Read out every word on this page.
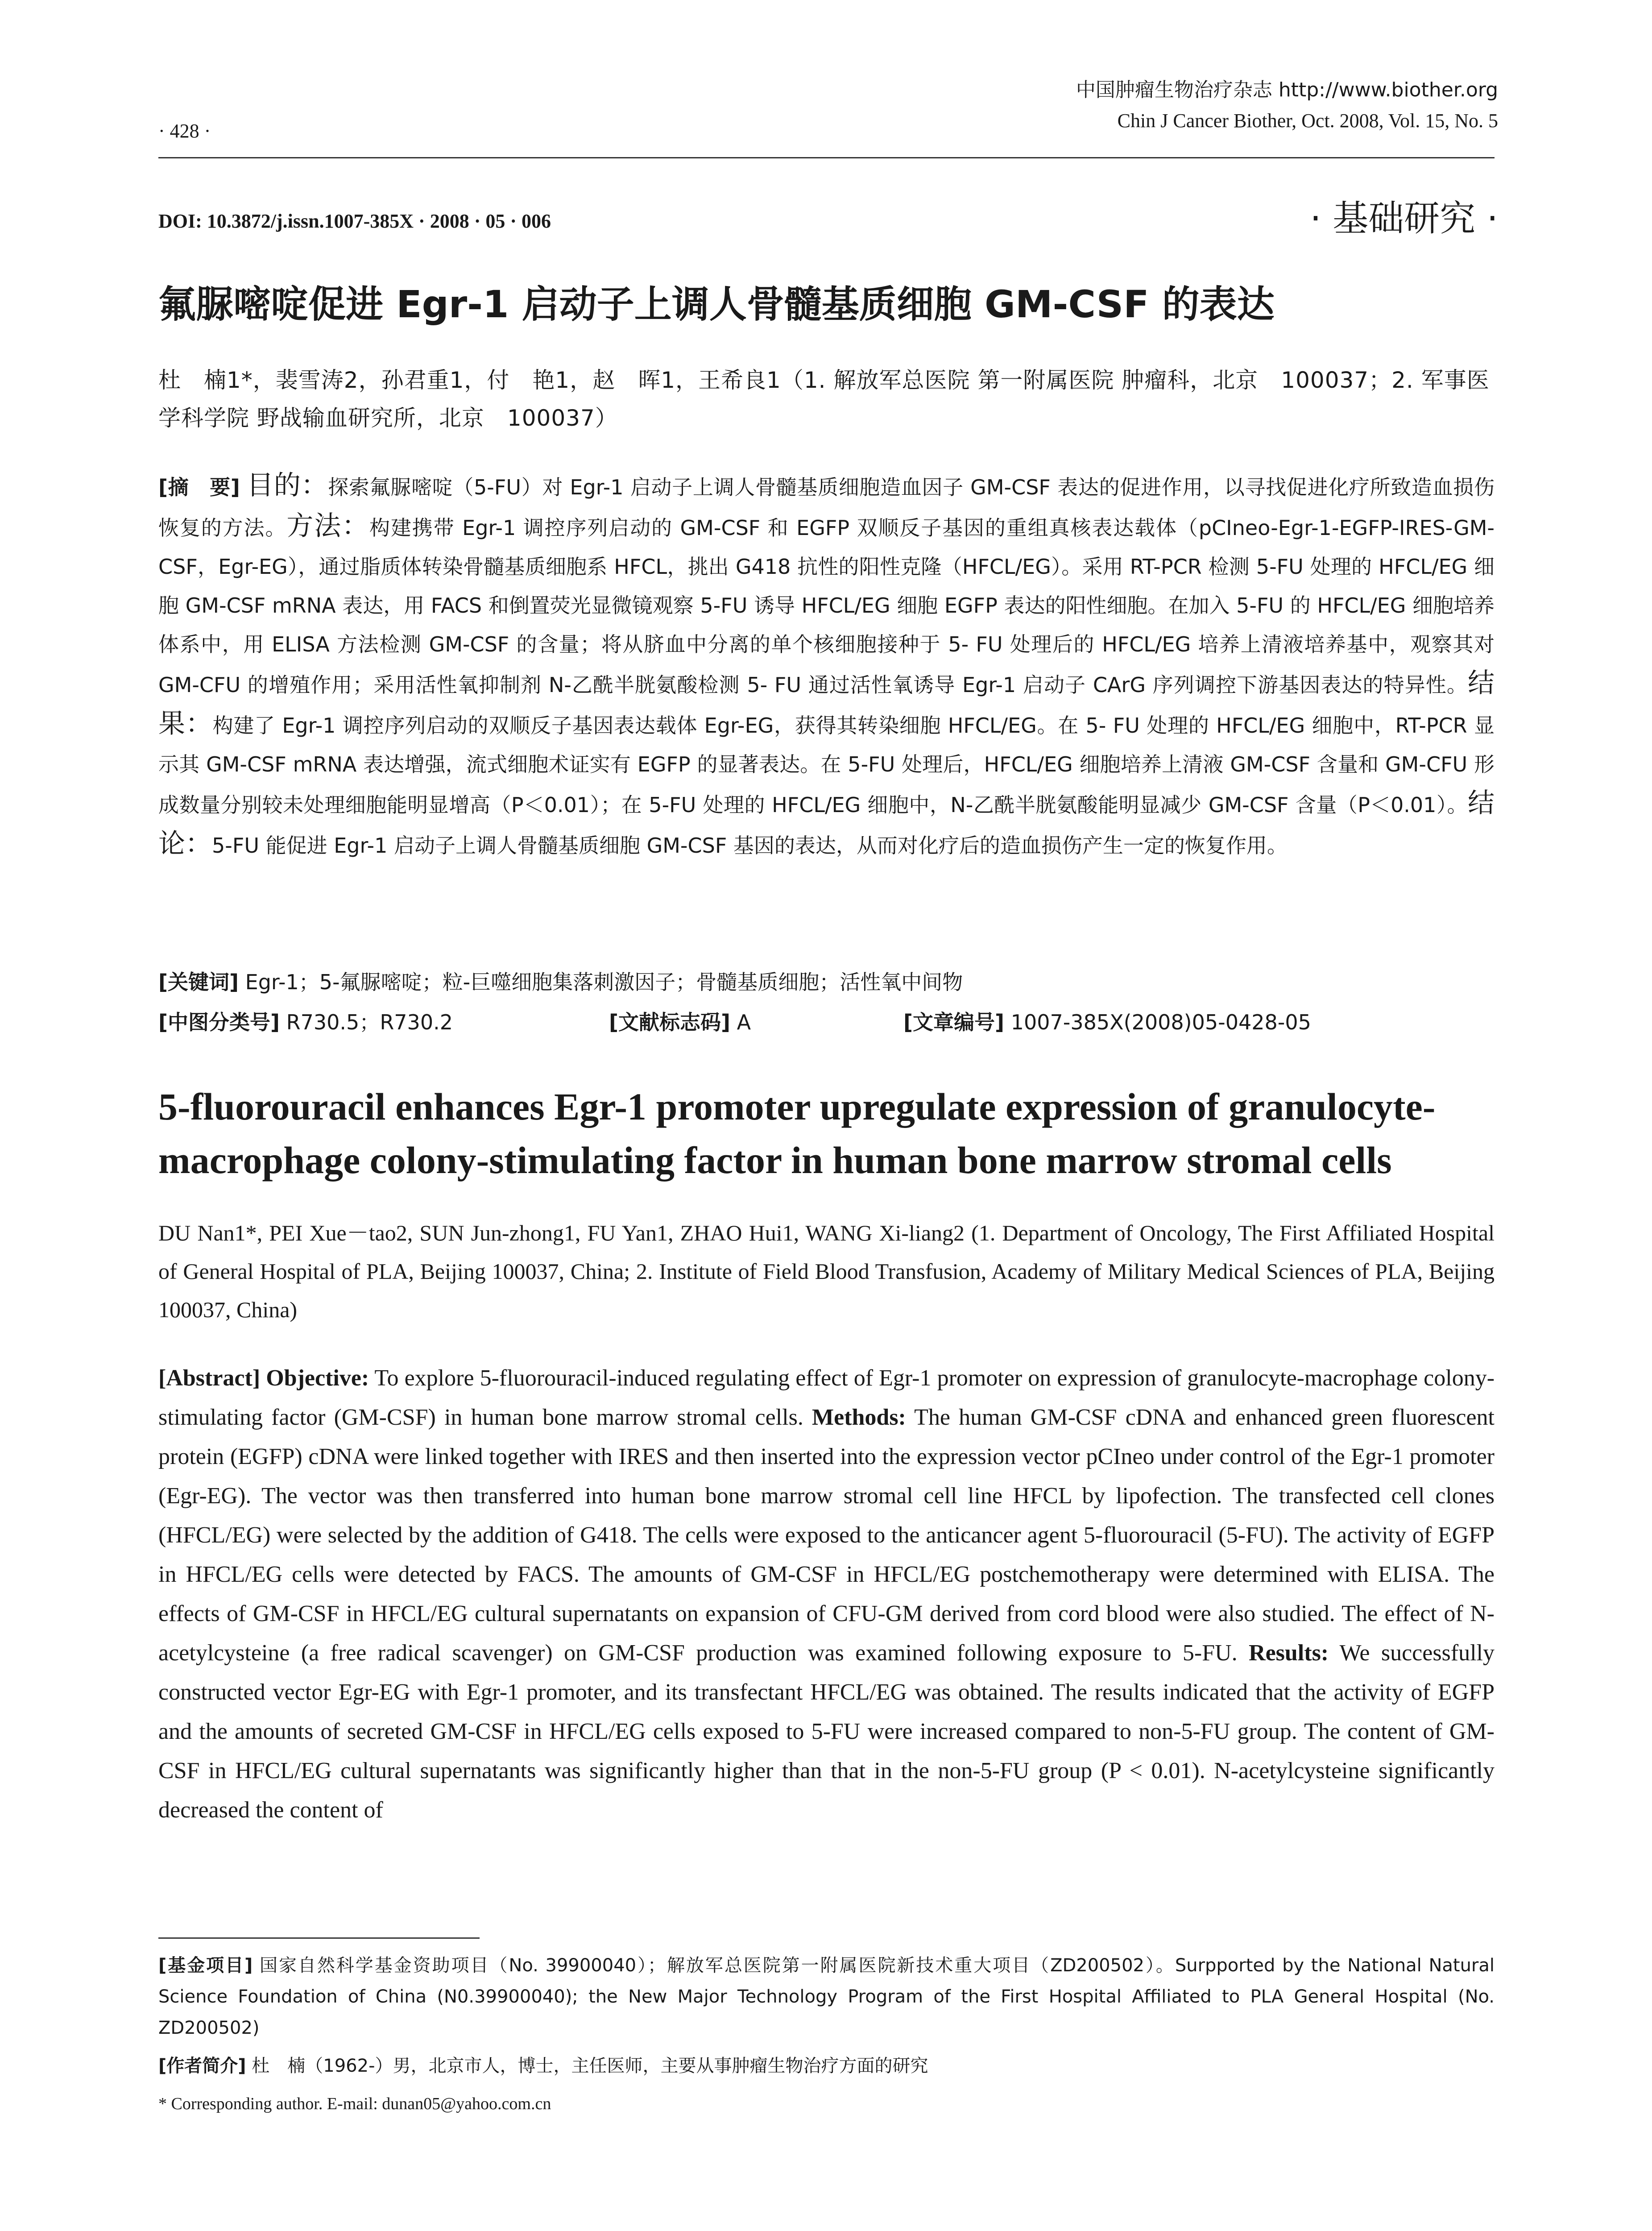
· 428 ·
中国肿瘤生物治疗杂志 http://www.biother.org
Chin J Cancer Biother, Oct. 2008, Vol. 15, No. 5
DOI: 10.3872/j.issn.1007-385X · 2008 · 05 · 006	· 基础研究 ·
氟脲嘧啶促进 Egr-1 启动子上调人骨髓基质细胞 GM-CSF 的表达
杜　楠1*，裴雪涛2，孙君重1，付　艳1，赵　晖1，王希良1（1. 解放军总医院 第一附属医院 肿瘤科，北京　100037；2. 军事医学科学院 野战输血研究所，北京　100037）
[摘　要] 目的：探索氟脲嘧啶（5-FU）对 Egr-1 启动子上调人骨髓基质细胞造血因子 GM-CSF 表达的促进作用，以寻找促进化疗所致造血损伤恢复的方法。方法：构建携带 Egr-1 调控序列启动的 GM-CSF 和 EGFP 双顺反子基因的重组真核表达载体（pCIneo-Egr-1-EGFP-IRES-GM-CSF，Egr-EG），通过脂质体转染骨髓基质细胞系 HFCL，挑出 G418 抗性的阳性克隆（HFCL/EG）。采用 RT-PCR 检测 5-FU 处理的 HFCL/EG 细胞 GM-CSF mRNA 表达，用 FACS 和倒置荧光显微镜观察 5-FU 诱导 HFCL/EG 细胞 EGFP 表达的阳性细胞。在加入 5-FU 的 HFCL/EG 细胞培养体系中，用 ELISA 方法检测 GM-CSF 的含量；将从脐血中分离的单个核细胞接种于 5- FU 处理后的 HFCL/EG 培养上清液培养基中，观察其对 GM-CFU 的增殖作用；采用活性氧抑制剂 N-乙酰半胱氨酸检测 5- FU 通过活性氧诱导 Egr-1 启动子 CArG 序列调控下游基因表达的特异性。结果：构建了 Egr-1 调控序列启动的双顺反子基因表达载体 Egr-EG，获得其转染细胞 HFCL/EG。在 5- FU 处理的 HFCL/EG 细胞中，RT-PCR 显示其 GM-CSF mRNA 表达增强，流式细胞术证实有 EGFP 的显著表达。在 5-FU 处理后，HFCL/EG 细胞培养上清液 GM-CSF 含量和 GM-CFU 形成数量分别较未处理细胞能明显增高（P＜0.01）；在 5-FU 处理的 HFCL/EG 细胞中，N-乙酰半胱氨酸能明显减少 GM-CSF 含量（P＜0.01）。结论：5-FU 能促进 Egr-1 启动子上调人骨髓基质细胞 GM-CSF 基因的表达，从而对化疗后的造血损伤产生一定的恢复作用。
[关键词] Egr-1；5-氟脲嘧啶；粒-巨噬细胞集落刺激因子；骨髓基质细胞；活性氧中间物
[中图分类号] R730.5；R730.2	[文献标志码] A	[文章编号] 1007-385X(2008)05-0428-05
5-fluorouracil enhances Egr-1 promoter upregulate expression of granulocyte-macrophage colony-stimulating factor in human bone marrow stromal cells
DU Nan1*, PEI Xue－tao2, SUN Jun-zhong1, FU Yan1, ZHAO Hui1, WANG Xi-liang2 (1. Department of Oncology, The First Affiliated Hospital of General Hospital of PLA, Beijing 100037, China; 2. Institute of Field Blood Transfusion, Academy of Military Medical Sciences of PLA, Beijing 100037, China)
[Abstract] Objective: To explore 5-fluorouracil-induced regulating effect of Egr-1 promoter on expression of granulocyte-macrophage colony-stimulating factor (GM-CSF) in human bone marrow stromal cells. Methods: The human GM-CSF cDNA and enhanced green fluorescent protein (EGFP) cDNA were linked together with IRES and then inserted into the expression vector pCIneo under control of the Egr-1 promoter (Egr-EG). The vector was then transferred into human bone marrow stromal cell line HFCL by lipofection. The transfected cell clones (HFCL/EG) were selected by the addition of G418. The cells were exposed to the anticancer agent 5-fluorouracil (5-FU). The activity of EGFP in HFCL/EG cells were detected by FACS. The amounts of GM-CSF in HFCL/EG postchemotherapy were determined with ELISA. The effects of GM-CSF in HFCL/EG cultural supernatants on expansion of CFU-GM derived from cord blood were also studied. The effect of N-acetylcysteine (a free radical scavenger) on GM-CSF production was examined following exposure to 5-FU. Results: We successfully constructed vector Egr-EG with Egr-1 promoter, and its transfectant HFCL/EG was obtained. The results indicated that the activity of EGFP and the amounts of secreted GM-CSF in HFCL/EG cells exposed to 5-FU were increased compared to non-5-FU group. The content of GM-CSF in HFCL/EG cultural supernatants was significantly higher than that in the non-5-FU group (P < 0.01). N-acetylcysteine significantly decreased the content of
[基金项目] 国家自然科学基金资助项目（No. 39900040）；解放军总医院第一附属医院新技术重大项目（ZD200502）。Surpported by the National Natural Science Foundation of China (N0.39900040); the New Major Technology Program of the First Hospital Affiliated to PLA General Hospital (No. ZD200502)
[作者简介] 杜　楠（1962-）男，北京市人，博士，主任医师，主要从事肿瘤生物治疗方面的研究
* Corresponding author. E-mail: dunan05@yahoo.com.cn
